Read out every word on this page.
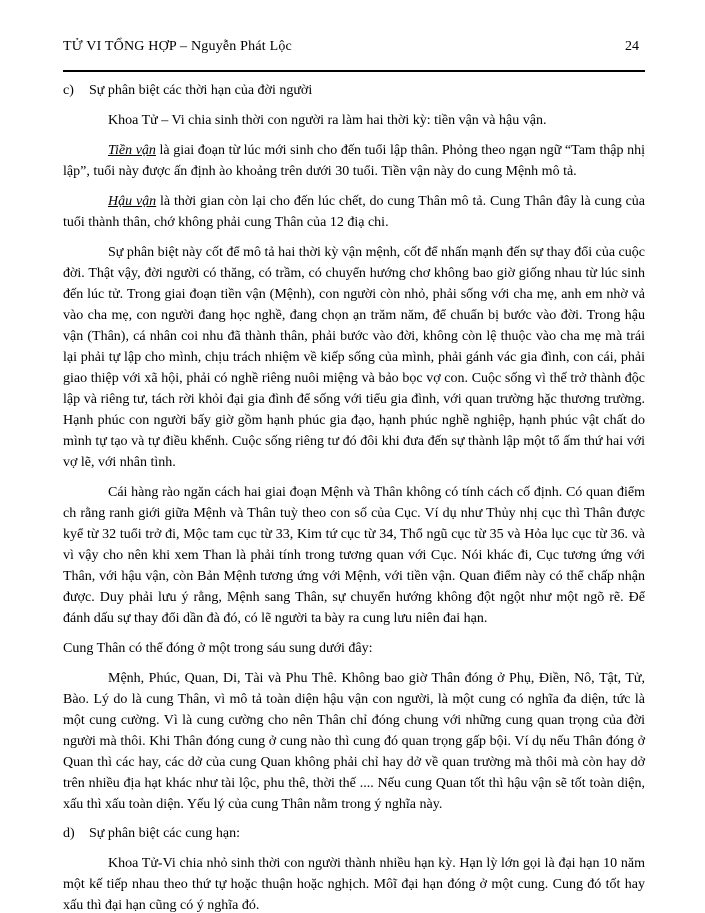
TỬ VI TỔNG HỢP – Nguyễn Phát Lộc	24

c) Sự phân biệt các thời hạn của đời người

Khoa Tử – Vi chia sinh thời con người ra làm hai thời kỳ: tiền vận và hậu vận.

Tiền vận là giai đoạn từ lúc mới sinh cho đến tuổi lập thân. Phỏng theo ngạn ngữ “Tam thập nhị lập”, tuổi này được ấn định ào khoảng trên dưới 30 tuổi. Tiền vận này do cung Mệnh mô tả.

Hậu vận là thời gian còn lại cho đến lúc chết, do cung Thân mô tả. Cung Thân đây là cung của tuổi thành thân, chớ không phải cung Thân của 12 điạ chi.

Sự phân biệt này cốt để mô tả hai thời kỳ vận mệnh, cốt để nhấn mạnh đến sự thay đổi của cuộc đời. Thật vậy, đời người có thăng, có trầm, có chuyển hướng chơ không bao giờ giống nhau từ lúc sinh đến lúc tử. Trong giai đoạn tiền vận (Mệnh), con người còn nhỏ, phải sống với cha mẹ, anh em nhờ vả vào cha mẹ, con người đang học nghề, đang chọn ạn trăm năm, để chuẩn bị bước vào đời. Trong hậu vận (Thân), cá nhân coi nhu đã thành thân, phải bước vào đời, không còn lệ thuộc vào cha mẹ mà trái lại phải tự lập cho mình, chịu trách nhiệm về kiếp sống của mình, phải gánh vác gia đình, con cái, phải giao thiệp với xã hội, phải có nghề riêng nuôi miệng và bảo bọc vợ con. Cuộc sống vì thế trở thành độc lập và riêng tư, tách rời khỏi đại gia đình để sống với tiểu gia đình, với quan trường hặc thương trường. Hạnh phúc con người bấy giờ gồm hạnh phúc gia đạo, hạnh phúc nghề nghiệp, hạnh phúc vật chất do mình tự tạo và tự điều khểnh. Cuộc sống riêng tư đó đôi khi đưa đến sự thành lập một tổ ấm thứ hai với vợ lẽ, với nhân tình.

Cái hàng rào ngăn cách hai giai đoạn Mệnh và Thân không có tính cách cố định. Có quan điểm ch rằng ranh giới giữa Mệnh và Thân tuỳ theo con số của Cục. Ví dụ như Thủy nhị cục thì Thân được kyể từ 32 tuổi trở đi, Mộc tam cục từ 33, Kim tứ cục từ 34, Thổ ngũ cục từ 35 và Hỏa lục cục từ 36. và vì vậy cho nên khi xem Than là phải tính trong tương quan với Cục. Nói khác đi, Cục tương ứng với Thân, với hậu vận, còn Bản Mệnh tương ứng với Mệnh, với tiền vận. Quan điểm này có thể chấp nhận được. Duy phải lưu ý rằng, Mệnh sang Thân, sự chuyển hướng không đột ngột như một ngõ rẽ. Để đánh dấu sự thay đổi dần đà đó, có lẽ người ta bày ra cung lưu niên đai hạn.

Cung Thân có thể đóng ở một trong sáu sung dưới đây:

Mệnh, Phúc, Quan, Di, Tài và Phu Thê. Không bao giờ Thân đóng ở Phụ, Điền, Nô, Tật, Tử, Bào. Lý do là cung Thân, vì mô tả toàn diện hậu vận con người, là một cung có nghĩa đa diện, tức là một cung cường. Vì là cung cường cho nên Thân chỉ đóng chung với những cung quan trọng của đời người mà thôi. Khi Thân đóng cung ở cung nào thì cung đó quan trọng gấp bội. Ví dụ nếu Thân đóng ở Quan thì các hay, các dở của cung Quan không phải chỉ hay dở về quan trường mà thôi mà còn hay dở trên nhiều địa hạt khác như tài lộc, phu thê, thời thế .... Nếu cung Quan tốt thì hậu vận sẽ tốt toàn diện, xấu thì xấu toàn diện. Yếu lý của cung Thân nằm trong ý nghĩa này.

d) Sự phân biệt các cung hạn:

Khoa Tử-Vi chia nhỏ sinh thời con người thành nhiều hạn kỳ. Hạn lỳ lớn gọi là đại hạn 10 năm một kế tiếp nhau theo thứ tự hoặc thuận hoặc nghịch. Môĩ đại hạn đóng ở một cung. Cung đó tốt hay xấu thì đại hạn cũng có ý nghĩa đó.
